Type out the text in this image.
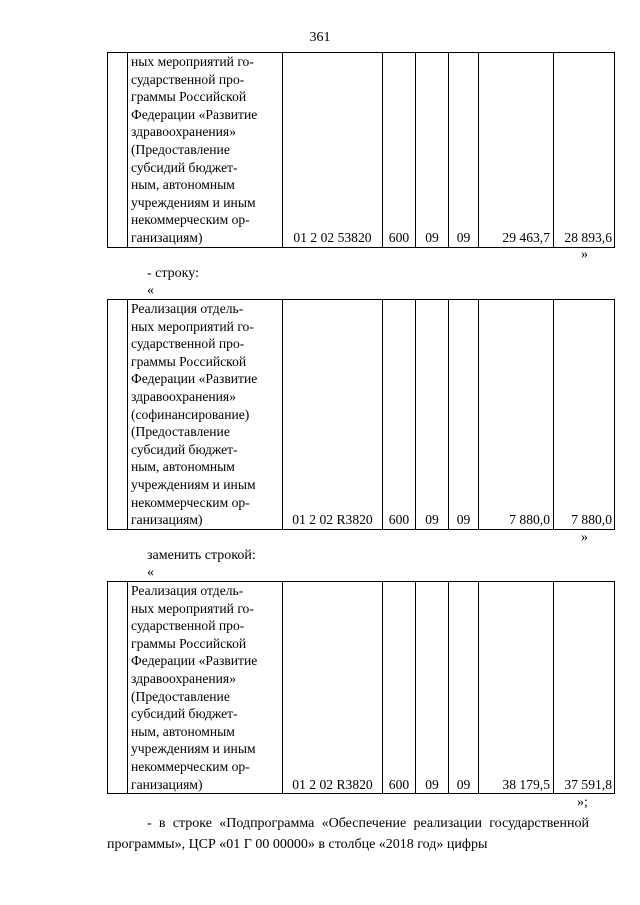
361

ных мероприятий го-
сударственной про-
граммы Российской
Федерации «Развитие
здравоохранения»
(Предоставление
субсидий бюджет-
ным, автономным
учреждениям и иным
некоммерческим ор-
ганизациям)	01 2 02 53820	600	09	09	29 463,7	28 893,6
»
- строку:
«

Реализация отдель-
ных мероприятий го-
сударственной про-
граммы Российской
Федерации «Развитие
здравоохранения»
(софинансирование)
(Предоставление
субсидий бюджет-
ным, автономным
учреждениям и иным
некоммерческим ор-
ганизациям)	01 2 02 R3820	600	09	09	7 880,0	7 880,0
»
заменить строкой:
«

Реализация отдель-
ных мероприятий го-
сударственной про-
граммы Российской
Федерации «Развитие
здравоохранения»
(Предоставление
субсидий бюджет-
ным, автономным
учреждениям и иным
некоммерческим ор-
ганизациям)	01 2 02 R3820	600	09	09	38 179,5	37 591,8
»;
- в строке «Подпрограмма «Обеспечение реализации государственной программы», ЦСР «01 Г 00 00000» в столбце «2018 год» цифры
